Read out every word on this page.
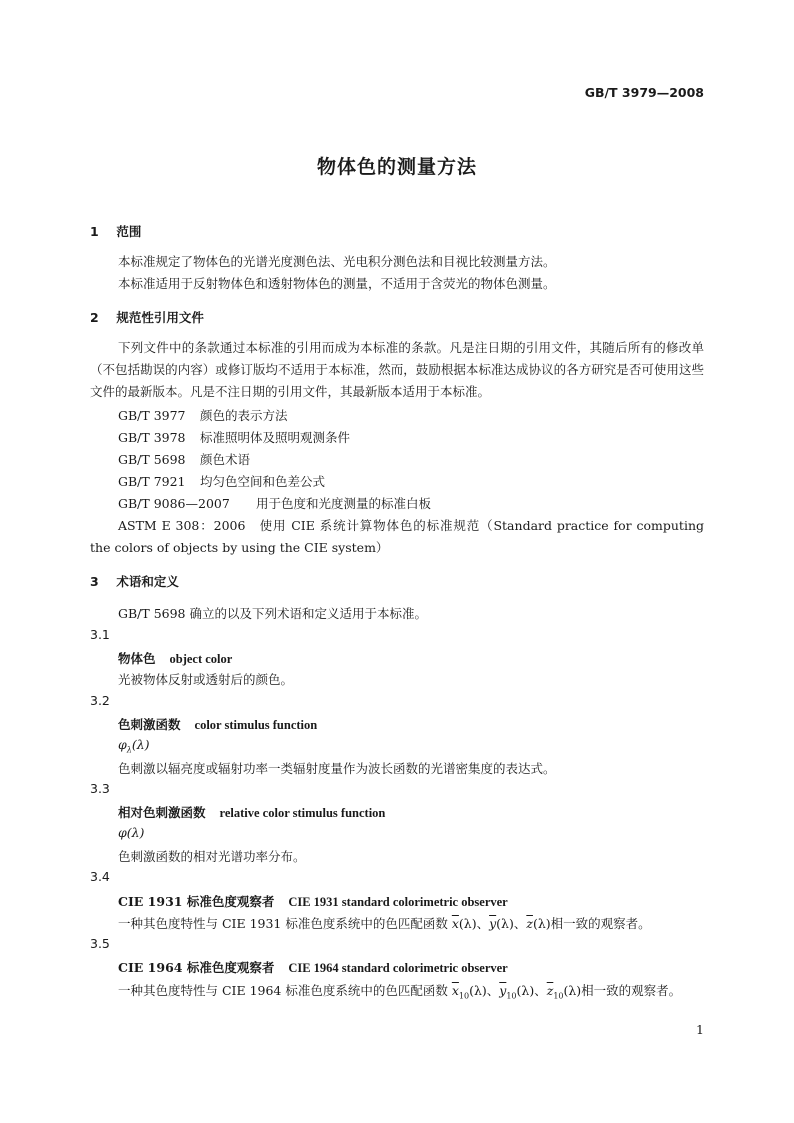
GB/T 3979—2008
物体色的测量方法
1 范围
本标准规定了物体色的光谱光度测色法、光电积分测色法和目视比较测量方法。
本标准适用于反射物体色和透射物体色的测量，不适用于含荧光的物体色测量。
2 规范性引用文件
下列文件中的条款通过本标准的引用而成为本标准的条款。凡是注日期的引用文件，其随后所有的修改单（不包括勘误的内容）或修订版均不适用于本标准，然而，鼓励根据本标准达成协议的各方研究是否可使用这些文件的最新版本。凡是不注日期的引用文件，其最新版本适用于本标准。
GB/T 3977 颜色的表示方法
GB/T 3978 标准照明体及照明观测条件
GB/T 5698 颜色术语
GB/T 7921 均匀色空间和色差公式
GB/T 9086—2007 用于色度和光度测量的标准白板
ASTM E 308：2006　使用 CIE 系统计算物体色的标准规范（Standard practice for computing the colors of objects by using the CIE system）
3 术语和定义
GB/T 5698 确立的以及下列术语和定义适用于本标准。
3.1
物体色 object color
光被物体反射或透射后的颜色。
3.2
色刺激函数 color stimulus function
$\varphi_\lambda(\lambda)$
色刺激以辐亮度或辐射功率一类辐射度量作为波长函数的光谱密集度的表达式。
3.3
相对色刺激函数 relative color stimulus function
φ(λ)
色刺激函数的相对光谱功率分布。
3.4
CIE 1931 标准色度观察者 CIE 1931 standard colorimetric observer
一种其色度特性与 CIE 1931 标准色度系统中的色匹配函数 $\overline{x}(\lambda)$、$\overline{y}(\lambda)$、$\overline{z}(\lambda)$相一致的观察者。
3.5
CIE 1964 标准色度观察者 CIE 1964 standard colorimetric observer
一种其色度特性与 CIE 1964 标准色度系统中的色匹配函数 $\overline{x}_{10}(\lambda)$、$\overline{y}_{10}(\lambda)$、$\overline{z}_{10}(\lambda)$相一致的观察者。
1
